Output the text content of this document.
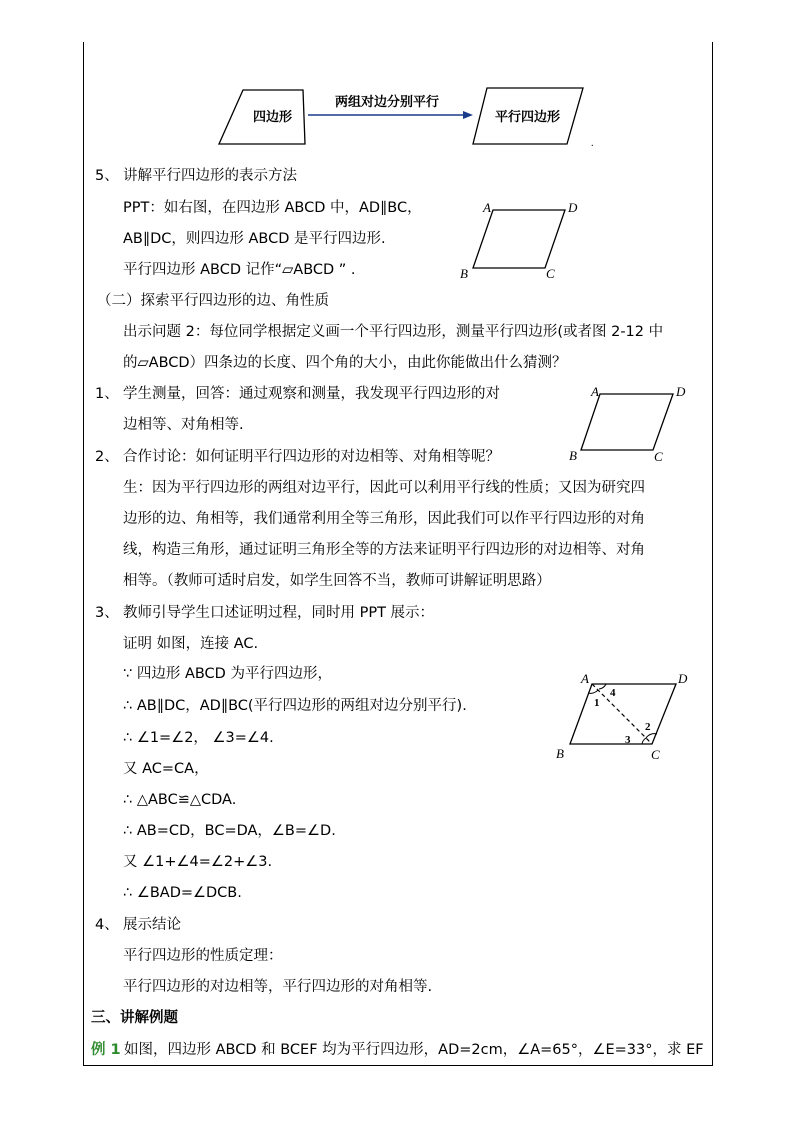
四边形
两组对边分别平行
平行四边形
.
5、 讲解平行四边形的表示方法
PPT：如右图，在四边形 ABCD 中，AD∥BC，
AB∥DC，则四边形 ABCD 是平行四边形.
平行四边形 ABCD 记作“▱ABCD ” .
A	D
B	C
（二）探索平行四边形的边、角性质
出示问题 2：每位同学根据定义画一个平行四边形，测量平行四边形(或者图 2-12 中
的▱ABCD）四条边的长度、四个角的大小，由此你能做出什么猜测？
1、 学生测量，回答：通过观察和测量，我发现平行四边形的对
边相等、对角相等.
A	D
B	C
2、 合作讨论：如何证明平行四边形的对边相等、对角相等呢？
生：因为平行四边形的两组对边平行，因此可以利用平行线的性质；又因为研究四
边形的边、角相等，我们通常利用全等三角形，因此我们可以作平行四边形的对角
线，构造三角形，通过证明三角形全等的方法来证明平行四边形的对边相等、对角
相等。（教师可适时启发，如学生回答不当，教师可讲解证明思路）
3、 教师引导学生口述证明过程，同时用 PPT 展示：
证明 如图，连接 AC.
∵ 四边形 ABCD 为平行四边形，
∴ AB∥DC，AD∥BC(平行四边形的两组对边分别平行).
∴ ∠1=∠2， ∠3=∠4.
又 AC=CA，
∴ △ABC≌△CDA.
∴ AB=CD，BC=DA，∠B=∠D.
又 ∠1+∠4=∠2+∠3.
∴ ∠BAD=∠DCB.
A	D
B	C
1
4
2
3
4、 展示结论
平行四边形的性质定理：
平行四边形的对边相等，平行四边形的对角相等.
三、讲解例题
例 1 如图，四边形 ABCD 和 BCEF 均为平行四边形，AD=2cm，∠A=65°，∠E=33°，求 EF
